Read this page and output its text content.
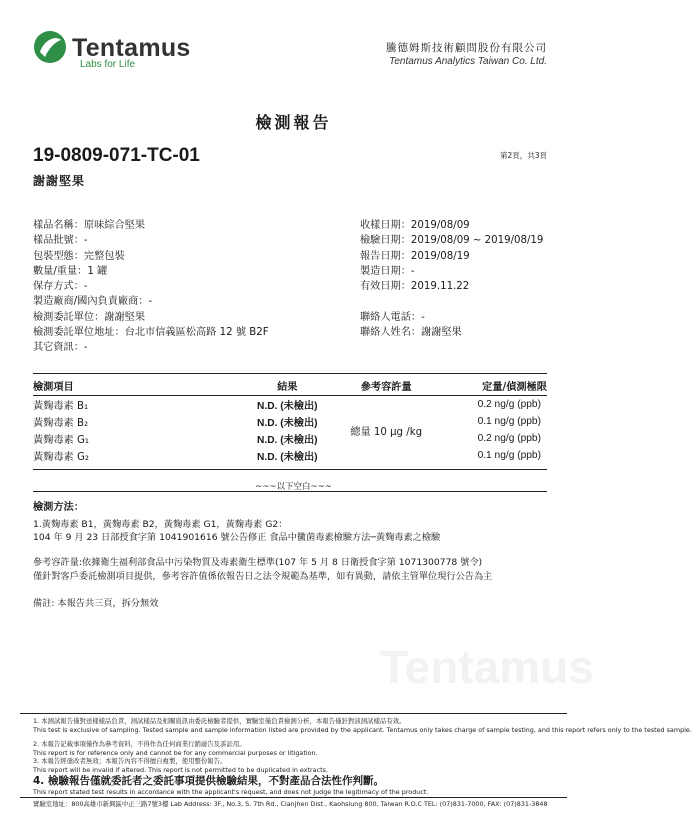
Tentamus
Tentamus
Labs for Life
騰德姆斯技術顧問股份有限公司
Tentamus Analytics Taiwan Co. Ltd.
檢測報告
19-0809-071-TC-01	第2頁，共3頁
謝謝堅果
樣品名稱：原味綜合堅果
樣品批號：-
包裝型態：完整包裝
數量/重量：1 罐
保存方式：-
製造廠商/國內負責廠商：-
檢測委託單位：謝謝堅果
檢測委託單位地址：台北市信義區松高路 12 號 B2F
其它資訊：-
收樣日期：2019/08/09
檢驗日期：2019/08/09 ~ 2019/08/19
報告日期：2019/08/19
製造日期：-
有效日期：2019.11.22
聯絡人電話：-
聯絡人姓名：謝謝堅果
檢測項目	結果	參考容許量	定量/偵測極限
黃麴毒素 B₁	N.D. (未檢出)	總量 10 µg /kg	0.2 ng/g (ppb)
黃麴毒素 B₂	N.D. (未檢出)		0.1 ng/g (ppb)
黃麴毒素 G₁	N.D. (未檢出)		0.2 ng/g (ppb)
黃麴毒素 G₂	N.D. (未檢出)		0.1 ng/g (ppb)
~~~以下空白~~~
檢測方法：
1.黃麴毒素 B1，黃麴毒素 B2，黃麴毒素 G1，黃麴毒素 G2：
104 年 9 月 23 日部授食字第 1041901616 號公告修正 食品中黴菌毒素檢驗方法─黃麴毒素之檢驗
參考容許量:依據衛生福利部食品中污染物質及毒素衛生標準(107 年 5 月 8 日衛授食字第 1071300778 號令)
僅針對客戶委託檢測項目提供，參考容許值係依報告日之法令規範為基準，如有異動，請依主管單位現行公告為主
備註: 本報告共三頁，拆分無效
1. 本測試報告僅對送樣樣品負責，測試樣品及相關資訊由委託檢驗者提供，實驗室僅負責檢測分析，本報告僅針對該測試樣品有效。
This test is exclusive of sampling. Tested sample and sample information listed are provided by the applicant. Tentamus only takes charge of sample testing, and this report refers only to the tested sample.
2. 本報告記載事項僅作為參考資料，不得作為任何商業行銷廣告及訴訟用。
This report is for reference only and cannot be for any commercial purposes or litigation.
3. 本報告經塗改者無效；本報告內容不得擅自複製，使用整份報告。
This report will be invalid if altered. This report is not permitted to be duplicated in extracts.
4. 檢驗報告僅就委託者之委託事項提供檢驗結果，不對產品合法性作判斷。
This report stated test results in accordance with the applicant's request, and does not judge the legitimacy of the product.
實驗室地址：800高雄市新興區中正三路7號3樓 Lab Address: 3F., No.3, S. 7th Rd., Cianjhen Dist., Kaohsiung 800, Taiwan R.O.C TEL: (07)831-7000, FAX: (07)831-3848
